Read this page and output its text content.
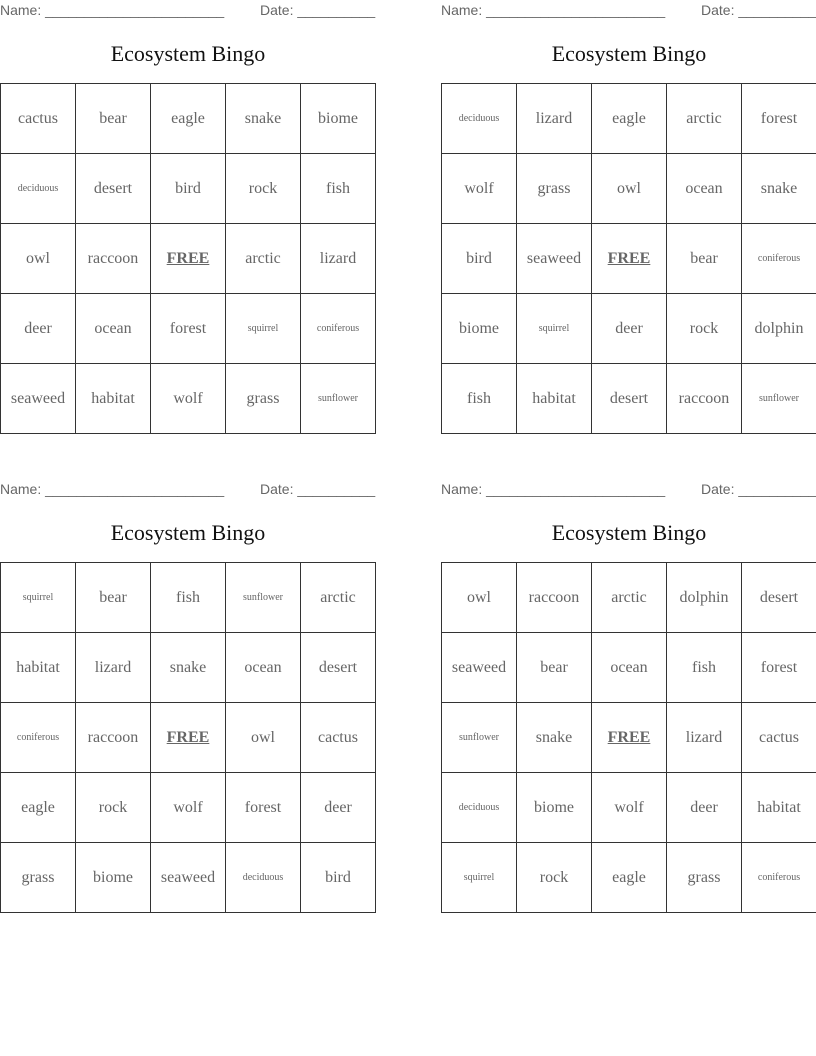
Name: _______________________	Date: __________
Ecosystem Bingo
cactus	bear	eagle	snake	biome
deciduous	desert	bird	rock	fish
owl	raccoon	FREE	arctic	lizard
deer	ocean	forest	squirrel	coniferous
seaweed	habitat	wolf	grass	sunflower
Name: _______________________	Date: __________
Ecosystem Bingo
deciduous	lizard	eagle	arctic	forest
wolf	grass	owl	ocean	snake
bird	seaweed	FREE	bear	coniferous
biome	squirrel	deer	rock	dolphin
fish	habitat	desert	raccoon	sunflower
Name: _______________________	Date: __________
Ecosystem Bingo
squirrel	bear	fish	sunflower	arctic
habitat	lizard	snake	ocean	desert
coniferous	raccoon	FREE	owl	cactus
eagle	rock	wolf	forest	deer
grass	biome	seaweed	deciduous	bird
Name: _______________________	Date: __________
Ecosystem Bingo
owl	raccoon	arctic	dolphin	desert
seaweed	bear	ocean	fish	forest
sunflower	snake	FREE	lizard	cactus
deciduous	biome	wolf	deer	habitat
squirrel	rock	eagle	grass	coniferous
